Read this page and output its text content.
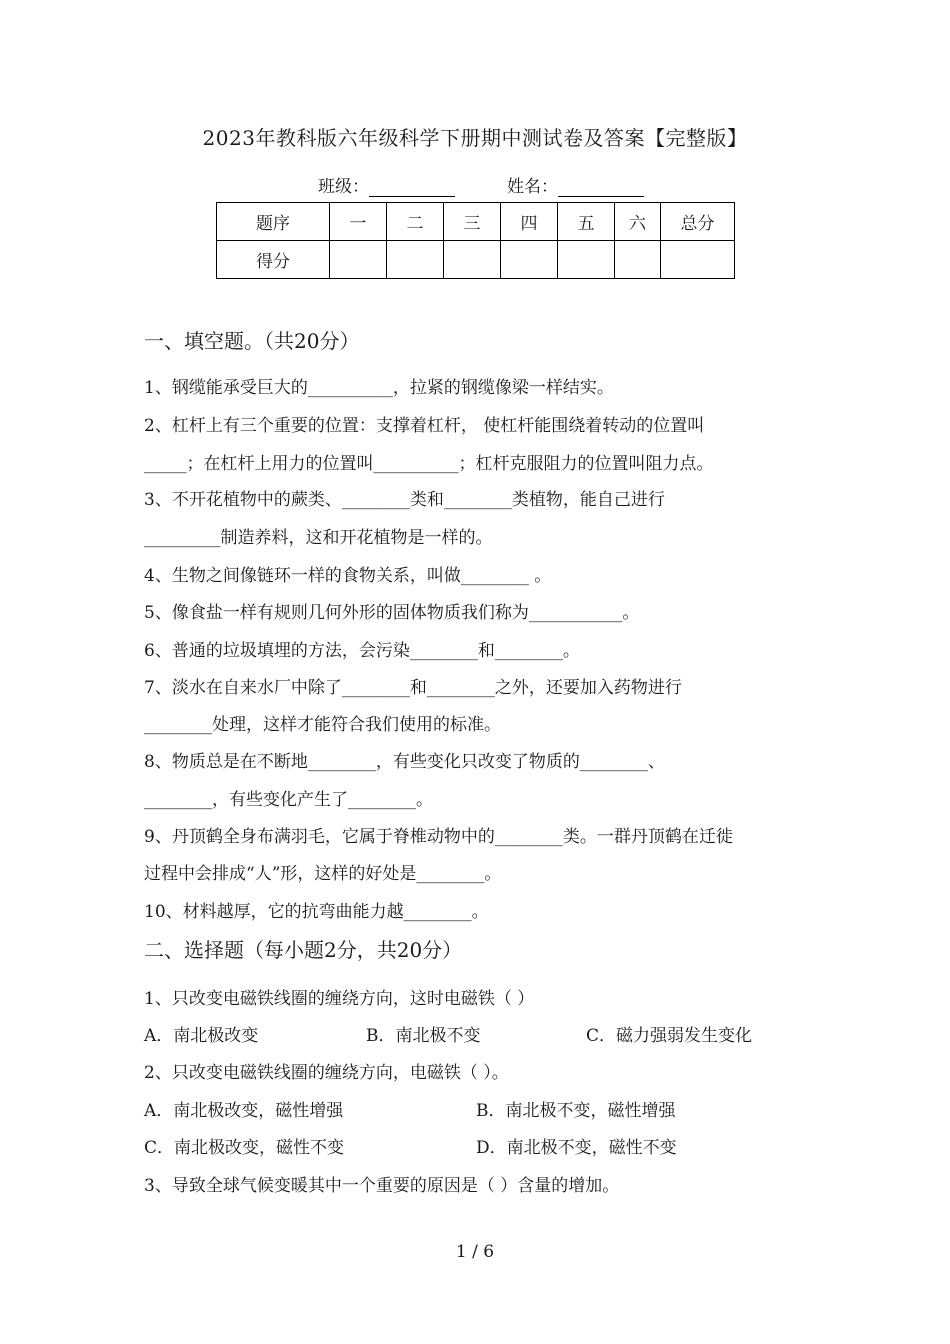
2023年教科版六年级科学下册期中测试卷及答案【完整版】
班级：	姓名：
题序	一	二	三	四	五	六	总分
得分							
一、填空题。（共20分）
1、钢缆能承受巨大的__________，拉紧的钢缆像梁一样结实。
2、杠杆上有三个重要的位置：支撑着杠杆， 使杠杆能围绕着转动的位置叫
_____；在杠杆上用力的位置叫__________；杠杆克服阻力的位置叫阻力点。
3、不开花植物中的蕨类、________类和________类植物，能自己进行
_________制造养料，这和开花植物是一样的。
4、生物之间像链环一样的食物关系，叫做________ 。
5、像食盐一样有规则几何外形的固体物质我们称为___________。
6、普通的垃圾填埋的方法，会污染________和________。
7、淡水在自来水厂中除了________和________之外，还要加入药物进行
________处理，这样才能符合我们使用的标准。
8、物质总是在不断地________，有些变化只改变了物质的________、
________，有些变化产生了________。
9、丹顶鹤全身布满羽毛，它属于脊椎动物中的________类。一群丹顶鹤在迁徙
过程中会排成“人”形，这样的好处是________。
10、材料越厚，它的抗弯曲能力越________。
二、选择题（每小题2分，共20分）
1、只改变电磁铁线圈的缠绕方向，这时电磁铁（ ）
A．南北极改变	B．南北极不变	C．磁力强弱发生变化
2、只改变电磁铁线圈的缠绕方向，电磁铁（ ）。
A．南北极改变，磁性增强	B．南北极不变，磁性增强
C．南北极改变，磁性不变	D．南北极不变，磁性不变
3、导致全球气候变暖其中一个重要的原因是（ ）含量的增加。
1 / 6
